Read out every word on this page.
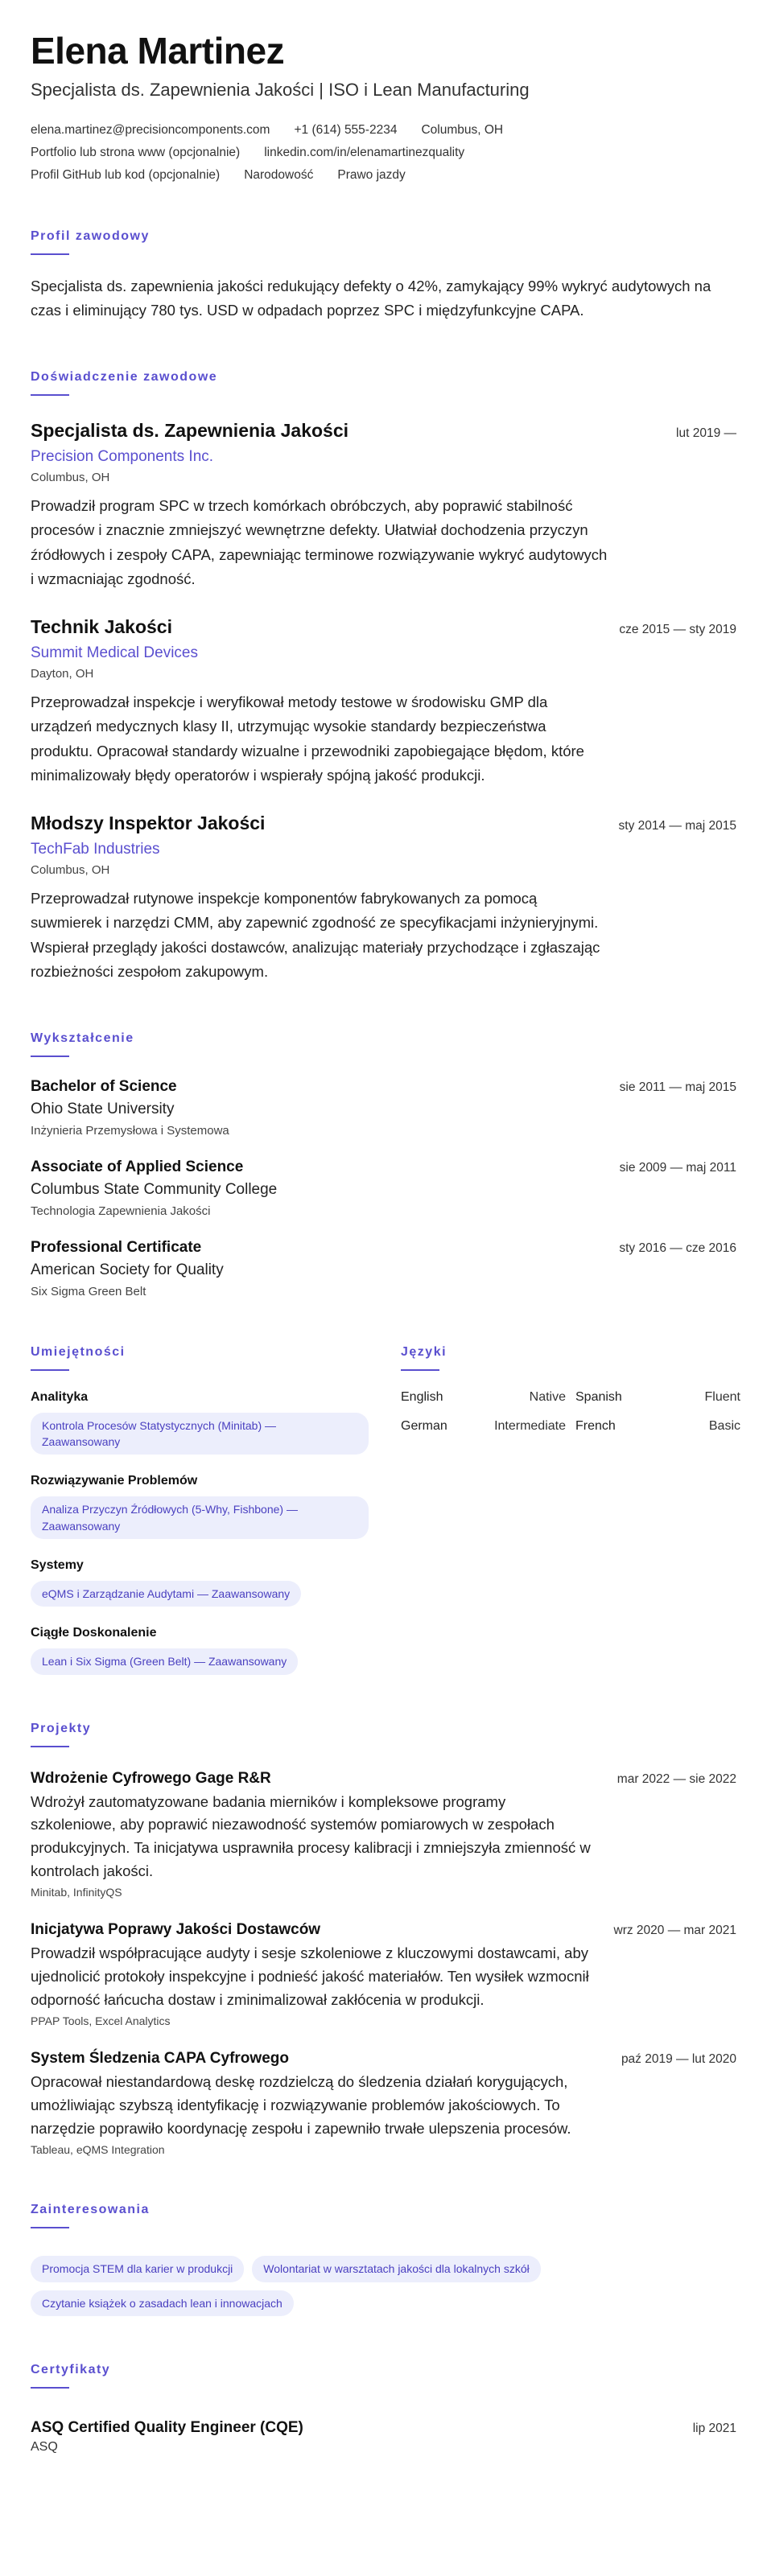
Elena Martinez
Specjalista ds. Zapewnienia Jakości | ISO i Lean Manufacturing
elena.martinez@precisioncomponents.com +1 (614) 555-2234 Columbus, OH
Portfolio lub strona www (opcjonalnie) linkedin.com/in/elenamartinezquality
Profil GitHub lub kod (opcjonalnie) Narodowość Prawo jazdy
Profil zawodowy
Specjalista ds. zapewnienia jakości redukujący defekty o 42%, zamykający 99% wykryć audytowych na czas i eliminujący 780 tys. USD w odpadach poprzez SPC i międzyfunkcyjne CAPA.
Doświadczenie zawodowe
Specjalista ds. Zapewnienia Jakości	lut 2019 —
Precision Components Inc.
Columbus, OH
Prowadził program SPC w trzech komórkach obróbczych, aby poprawić stabilność procesów i znacznie zmniejszyć wewnętrzne defekty. Ułatwiał dochodzenia przyczyn źródłowych i zespoły CAPA, zapewniając terminowe rozwiązywanie wykryć audytowych i wzmacniając zgodność.
Technik Jakości	cze 2015 — sty 2019
Summit Medical Devices
Dayton, OH
Przeprowadzał inspekcje i weryfikował metody testowe w środowisku GMP dla urządzeń medycznych klasy II, utrzymując wysokie standardy bezpieczeństwa produktu. Opracował standardy wizualne i przewodniki zapobiegające błędom, które minimalizowały błędy operatorów i wspierały spójną jakość produkcji.
Młodszy Inspektor Jakości	sty 2014 — maj 2015
TechFab Industries
Columbus, OH
Przeprowadzał rutynowe inspekcje komponentów fabrykowanych za pomocą suwmierek i narzędzi CMM, aby zapewnić zgodność ze specyfikacjami inżynieryjnymi. Wspierał przeglądy jakości dostawców, analizując materiały przychodzące i zgłaszając rozbieżności zespołom zakupowym.
Wykształcenie
Bachelor of Science	sie 2011 — maj 2015
Ohio State University
Inżynieria Przemysłowa i Systemowa
Associate of Applied Science	sie 2009 — maj 2011
Columbus State Community College
Technologia Zapewnienia Jakości
Professional Certificate	sty 2016 — cze 2016
American Society for Quality
Six Sigma Green Belt
Umiejętności
Analityka
Kontrola Procesów Statystycznych (Minitab) — Zaawansowany
Rozwiązywanie Problemów
Analiza Przyczyn Źródłowych (5-Why, Fishbone) — Zaawansowany
Systemy
eQMS i Zarządzanie Audytami — Zaawansowany
Ciągłe Doskonalenie
Lean i Six Sigma (Green Belt) — Zaawansowany
Języki
English	Native Spanish	Fluent
German	Intermediate French	Basic
Projekty
Wdrożenie Cyfrowego Gage R&R	mar 2022 — sie 2022
Wdrożył zautomatyzowane badania mierników i kompleksowe programy szkoleniowe, aby poprawić niezawodność systemów pomiarowych w zespołach produkcyjnych. Ta inicjatywa usprawniła procesy kalibracji i zmniejszyła zmienność w kontrolach jakości.
Minitab, InfinityQS
Inicjatywa Poprawy Jakości Dostawców	wrz 2020 — mar 2021
Prowadził współpracujące audyty i sesje szkoleniowe z kluczowymi dostawcami, aby ujednolicić protokoły inspekcyjne i podnieść jakość materiałów. Ten wysiłek wzmocnił odporność łańcucha dostaw i zminimalizował zakłócenia w produkcji.
PPAP Tools, Excel Analytics
System Śledzenia CAPA Cyfrowego	paź 2019 — lut 2020
Opracował niestandardową deskę rozdzielczą do śledzenia działań korygujących, umożliwiając szybszą identyfikację i rozwiązywanie problemów jakościowych. To narzędzie poprawiło koordynację zespołu i zapewniło trwałe ulepszenia procesów.
Tableau, eQMS Integration
Zainteresowania
Promocja STEM dla karier w produkcji	Wolontariat w warsztatach jakości dla lokalnych szkół
Czytanie książek o zasadach lean i innowacjach
Certyfikaty
ASQ Certified Quality Engineer (CQE)	lip 2021
ASQ
